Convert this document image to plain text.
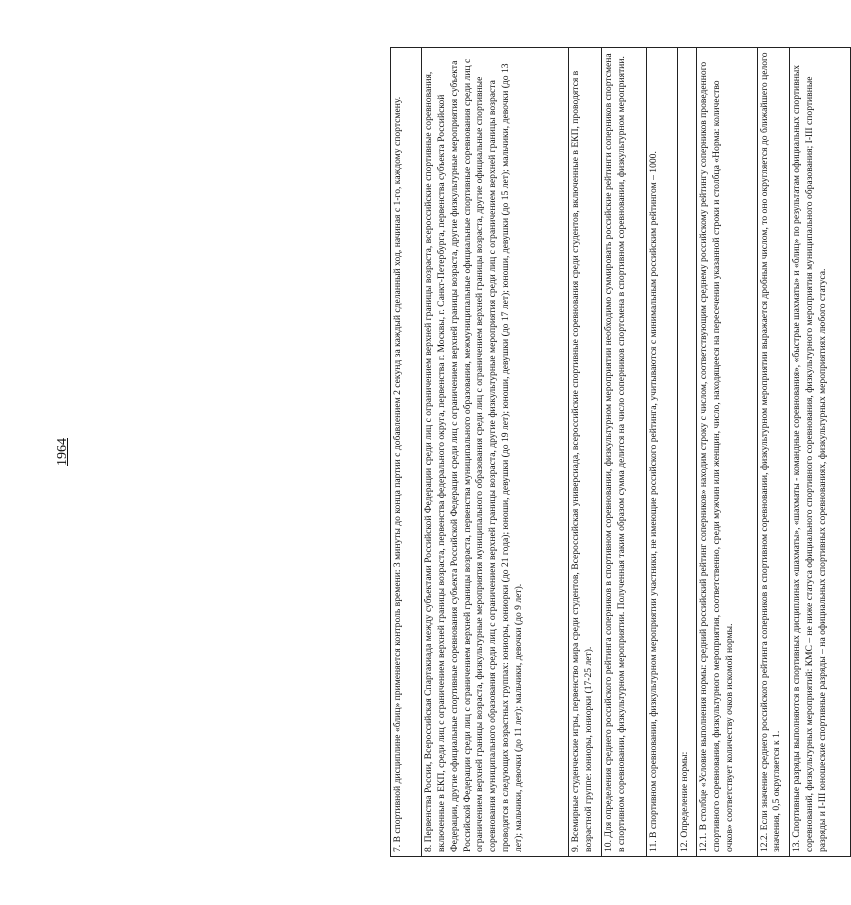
1964	7. В спортивной дисциплине «блиц» применяется контроль времени: 3 минуты до конца партии с добавлением 2 секунд за каждый сделанный ход, начиная с 1-го, каждому спортсмену.
8. Первенства России, Всероссийская Спартакиада между субъектами Российской Федерации среди лиц с ограничением верхней границы возраста, всероссийские спортивные соревнования, включенные в ЕКП, среди лиц с ограничением верхней границы возраста, первенства федерального округа, первенства г. Москвы, г. Санкт-Петербурга, первенства субъекта Российской Федерации, другие официальные спортивные соревнования субъекта Российской Федерации среди лиц с ограничением верхней границы возраста, другие физкультурные мероприятия субъекта Российской Федерации среди лиц с ограничением верхней границы возраста, первенства муниципального образования, межмуниципальные официальные спортивные соревнования среди лиц с ограничением верхней границы возраста, физкультурные мероприятия муниципального образования среди лиц с ограничением верхней границы возраста, другие официальные спортивные соревнования муниципального образования среди лиц с ограничением верхней границы возраста, другие физкультурные мероприятия среди лиц с ограничением верхней границы возраста проводятся в следующих возрастных группах: юниоры, юниорки (до 21 года); юноши, девушки (до 19 лет); юноши, девушки (до 17 лет); юноши, девушки (до 15 лет); мальчики, девочки (до 13 лет); мальчики, девочки (до 11 лет); мальчики, девочки (до 9 лет).
9. Всемирные студенческие игры, первенство мира среди студентов, Всероссийская универсиада, всероссийские спортивные соревнования среди студентов, включенные в ЕКП, проводятся в возрастной группе: юниоры, юниорки (17-25 лет).
10. Для определения среднего российского рейтинга соперников в спортивном соревновании, физкультурном мероприятии необходимо суммировать российские рейтинги соперников спортсмена в спортивном соревновании, физкультурном мероприятии. Полученная таким образом сумма делится на число соперников спортсмена в спортивном соревновании, физкультурном мероприятии.
11. В спортивном соревновании, физкультурном мероприятии участники, не имеющие российского рейтинга, учитываются с минимальным российским рейтингом – 1000.
12. Определение нормы:
12.1. В столбце «Условие выполнения нормы: средний российский рейтинг соперников» находим строку с числом, соответствующим среднему российскому рейтингу соперников проведенного спортивного соревнования, физкультурного мероприятия, соответственно, среди мужчин или женщин, число, находящееся на пересечении указанной строки и столбца «Норма: количество очков» соответствует количеству очков искомой нормы.
12.2. Если значение среднего российского рейтинга соперников в спортивном соревновании, физкультурном мероприятии выражается дробным числом, то оно округляется до ближайшего целого значения, 0,5 округляется к 1.
13. Спортивные разряды выполняются в спортивных дисциплинах «шахматы», «шахматы - командные соревнования», «быстрые шахматы» и «блиц» по результатам официальных спортивных соревнований, физкультурных мероприятий: КМС – не ниже статуса официального спортивного соревнования, физкультурного мероприятия муниципального образования; I-III спортивные разряды и I-III юношеские спортивные разряды – на официальных спортивных соревнованиях, физкультурных мероприятиях любого статуса.
